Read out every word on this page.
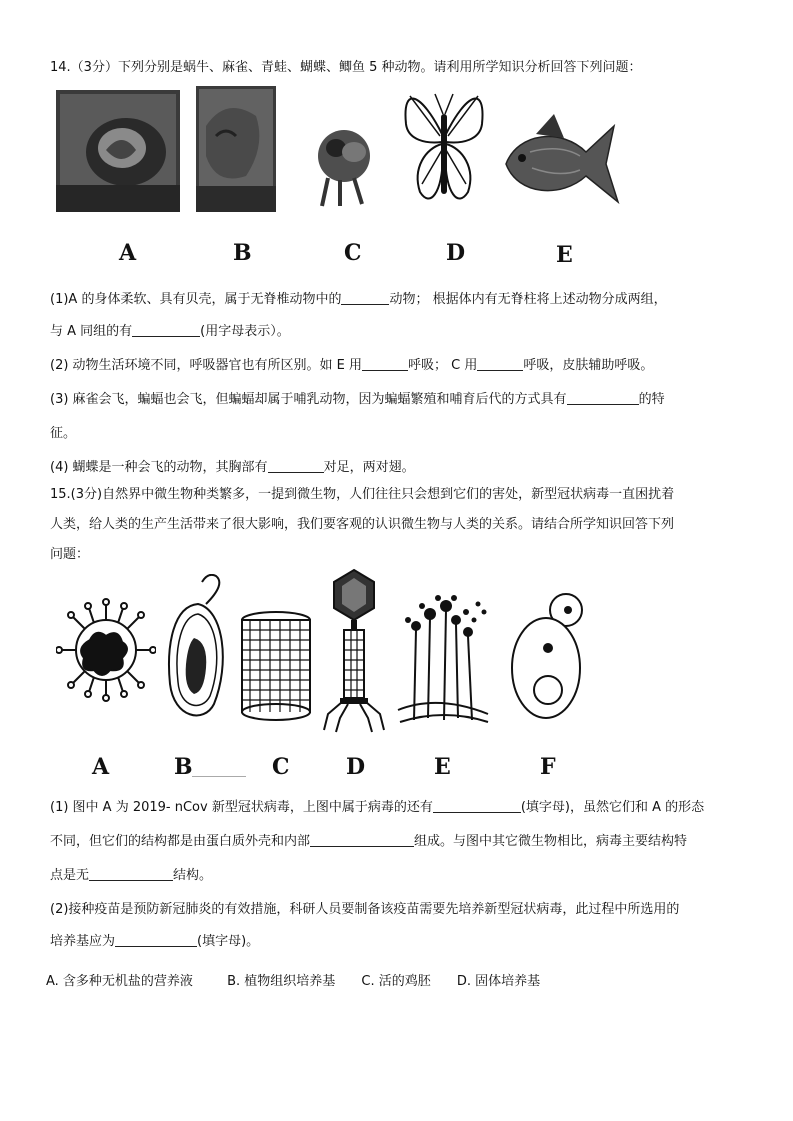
14.（3分）下列分别是蜗牛、麻雀、青蛙、蝴蝶、鲫鱼 5 种动物。请利用所学知识分析回答下列问题：
A	B	C	D	E
(1)A 的身体柔软、具有贝壳，属于无脊椎动物中的	动物； 根据体内有无脊柱将上述动物分成两组，
与 A 同组的有	(用字母表示）。
(2) 动物生活环境不同，呼吸器官也有所区别。如 E 用	呼吸； C 用	呼吸，皮肤辅助呼吸。
(3) 麻雀会飞，蝙蝠也会飞，但蝙蝠却属于哺乳动物，因为蝙蝠繁殖和哺育后代的方式具有	的特
征。
(4) 蝴蝶是一种会飞的动物，其胸部有	对足，两对翅。
15.(3分)自然界中微生物种类繁多，一提到微生物，人们往往只会想到它们的害处，新型冠状病毒一直困扰着
人类，给人类的生产生活带来了很大影响，我们要客观的认识微生物与人类的关系。请结合所学知识回答下列
问题：
A	B	C	D	E	F
(1) 图中 A 为 2019- nCov 新型冠状病毒，上图中属于病毒的还有	(填字母)，虽然它们和 A 的形态
不同，但它们的结构都是由蛋白质外壳和内部	组成。与图中其它微生物相比，病毒主要结构特
点是无	结构。
(2)接种疫苗是预防新冠肺炎的有效措施，科研人员要制备该疫苗需要先培养新型冠状病毒，此过程中所选用的
培养基应为	(填字母)。
A. 含多种无机盐的营养液	B. 植物组织培养基 C. 活的鸡胚 D. 固体培养基
